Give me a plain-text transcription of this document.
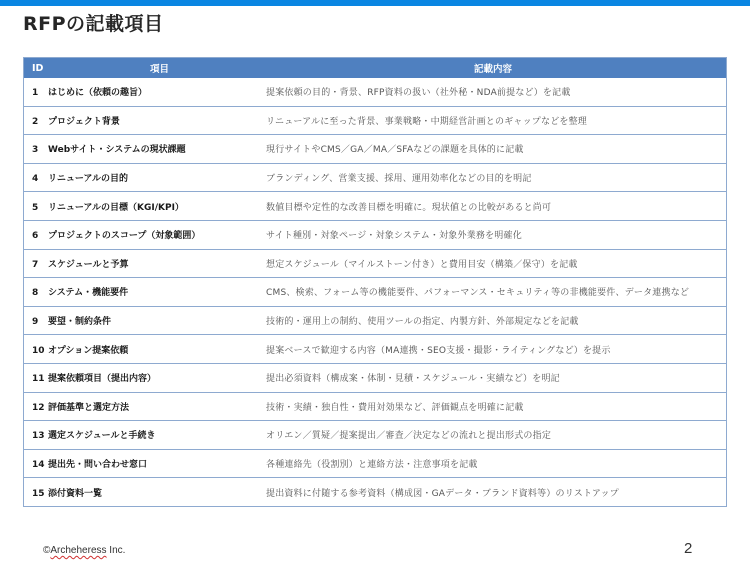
RFPの記載項目
ID	項目	記載内容
1 はじめに（依頼の趣旨）		提案依頼の目的・背景、RFP資料の扱い（社外秘・NDA前提など）を記載
2 プロジェクト背景		リニューアルに至った背景、事業戦略・中期経営計画とのギャップなどを整理
3 Webサイト・システムの現状課題		現行サイトやCMS／GA／MA／SFAなどの課題を具体的に記載
4 リニューアルの目的		ブランディング、営業支援、採用、運用効率化などの目的を明記
5 リニューアルの目標（KGI/KPI）		数値目標や定性的な改善目標を明確に。現状値との比較があると尚可
6 プロジェクトのスコープ（対象範囲）		サイト種別・対象ページ・対象システム・対象外業務を明確化
7 スケジュールと予算		想定スケジュール（マイルストーン付き）と費用目安（構築／保守）を記載
8 システム・機能要件		CMS、検索、フォーム等の機能要件、パフォーマンス・セキュリティ等の非機能要件、データ連携など
9 要望・制約条件		技術的・運用上の制約、使用ツールの指定、内製方針、外部規定などを記載
10 オプション提案依頼		提案ベースで歓迎する内容（MA連携・SEO支援・撮影・ライティングなど）を提示
11 提案依頼項目（提出内容）		提出必須資料（構成案・体制・見積・スケジュール・実績など）を明記
12 評価基準と選定方法		技術・実績・独自性・費用対効果など、評価観点を明確に記載
13 選定スケジュールと手続き		オリエン／質疑／提案提出／審査／決定などの流れと提出形式の指定
14 提出先・問い合わせ窓口		各種連絡先（役割別）と連絡方法・注意事項を記載
15 添付資料一覧		提出資料に付随する参考資料（構成図・GAデータ・ブランド資料等）のリストアップ
©Archeheress Inc.	2
